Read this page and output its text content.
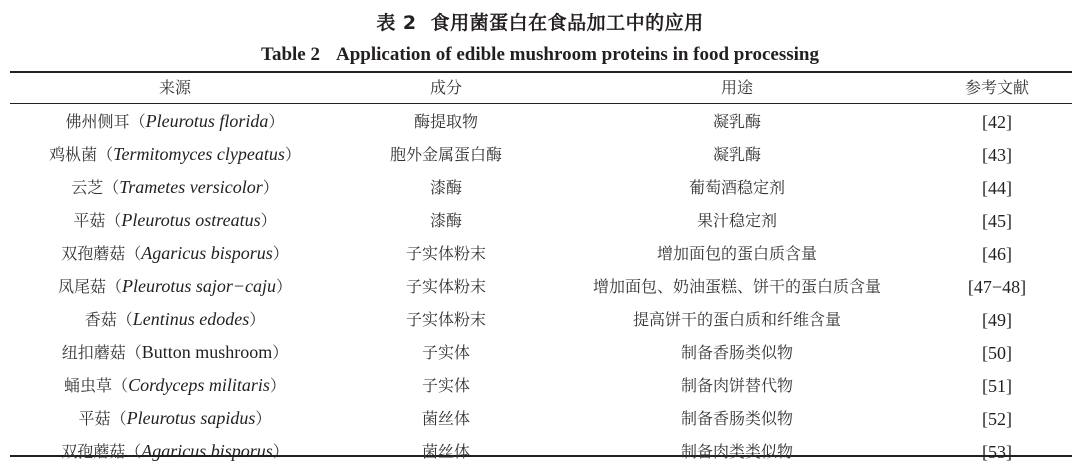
表 2 食用菌蛋白在食品加工中的应用
Table 2 Application of edible mushroom proteins in food processing
来源	成分	用途	参考文献
佛州侧耳（Pleurotus florida）	酶提取物	凝乳酶	[42]
鸡枞菌（Termitomyces clypeatus）	胞外金属蛋白酶	凝乳酶	[43]
云芝（Trametes versicolor）	漆酶	葡萄酒稳定剂	[44]
平菇（Pleurotus ostreatus）	漆酶	果汁稳定剂	[45]
双孢蘑菇（Agaricus bisporus）	子实体粉末	增加面包的蛋白质含量	[46]
凤尾菇（Pleurotus sajor−caju）	子实体粉末	增加面包、奶油蛋糕、饼干的蛋白质含量	[47−48]
香菇（Lentinus edodes）	子实体粉末	提高饼干的蛋白质和纤维含量	[49]
纽扣蘑菇（Button mushroom）	子实体	制备香肠类似物	[50]
蛹虫草（Cordyceps militaris）	子实体	制备肉饼替代物	[51]
平菇（Pleurotus sapidus）	菌丝体	制备香肠类似物	[52]
双孢蘑菇（Agaricus bisporus）	菌丝体	制备肉类类似物	[53]
